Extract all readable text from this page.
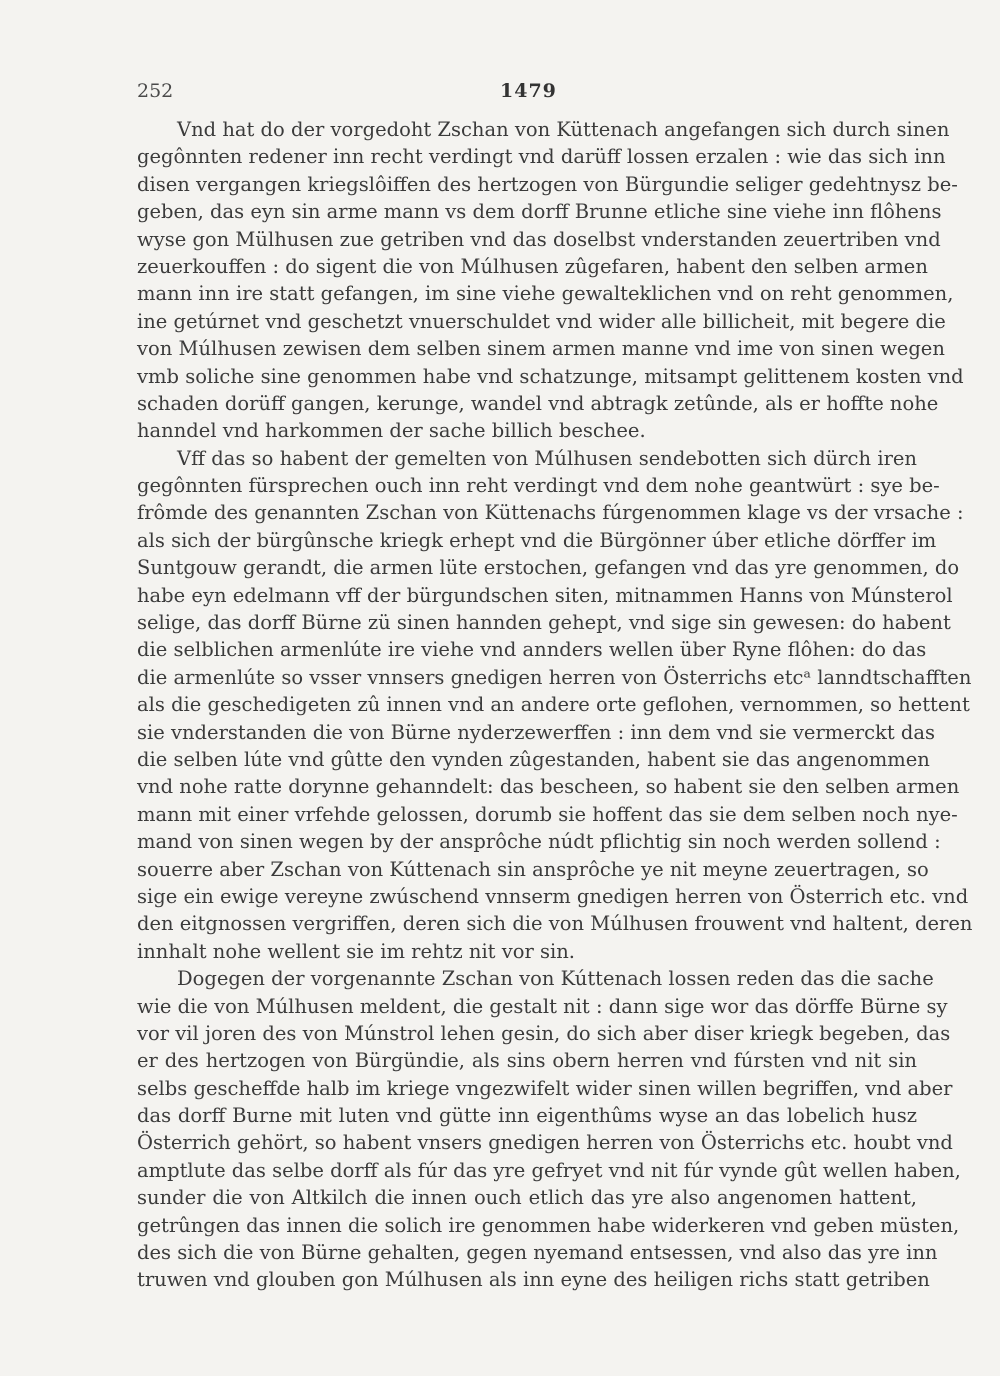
252	1479
Vnd hat do der vorgedoht Zschan von Küttenach angefangen sich durch sinen
gegônnten redener inn recht verdingt vnd darüff lossen erzalen : wie das sich inn
disen vergangen kriegslôiffen des hertzogen von Bürgundie seliger gedehtnysz be-
geben, das eyn sin arme mann vs dem dorff Brunne etliche sine viehe inn flôhens
wyse gon Mülhusen zue getriben vnd das doselbst vnderstanden zeuertriben vnd
zeuerkouffen : do sigent die von Múlhusen zûgefaren, habent den selben armen
mann inn ire statt gefangen, im sine viehe gewalteklichen vnd on reht genommen,
ine getúrnet vnd geschetzt vnuerschuldet vnd wider alle billicheit, mit begere die
von Múlhusen zewisen dem selben sinem armen manne vnd ime von sinen wegen
vmb soliche sine genommen habe vnd schatzunge, mitsampt gelittenem kosten vnd
schaden dorüff gangen, kerunge, wandel vnd abtragk zetûnde, als er hoffte nohe
hanndel vnd harkommen der sache billich beschee.
Vff das so habent der gemelten von Múlhusen sendebotten sich dürch iren
gegônnten fürsprechen ouch inn reht verdingt vnd dem nohe geantwürt : sye be-
frômde des genannten Zschan von Küttenachs fúrgenommen klage vs der vrsache :
als sich der bürgûnsche kriegk erhept vnd die Bürgönner úber etliche dörffer im
Suntgouw gerandt, die armen lüte erstochen, gefangen vnd das yre genommen, do
habe eyn edelmann vff der bürgundschen siten, mitnammen Hanns von Múnsterol
selige, das dorff Bürne zü sinen hannden gehept, vnd sige sin gewesen: do habent
die selblichen armenlúte ire viehe vnd annders wellen über Ryne flôhen: do das
die armenlúte so vsser vnnsers gnedigen herren von Österrichs etcᵃ lanndtschafften
als die geschedigeten zû innen vnd an andere orte geflohen, vernommen, so hettent
sie vnderstanden die von Bürne nyderzewerffen : inn dem vnd sie vermerckt das
die selben lúte vnd gûtte den vynden zûgestanden, habent sie das angenommen
vnd nohe ratte dorynne gehanndelt: das bescheen, so habent sie den selben armen
mann mit einer vrfehde gelossen, dorumb sie hoffent das sie dem selben noch nye-
mand von sinen wegen by der ansprôche núdt pflichtig sin noch werden sollend :
souerre aber Zschan von Kúttenach sin ansprôche ye nit meyne zeuertragen, so
sige ein ewige vereyne zwúschend vnnserm gnedigen herren von Österrich etc. vnd
den eitgnossen vergriffen, deren sich die von Múlhusen frouwent vnd haltent, deren
innhalt nohe wellent sie im rehtz nit vor sin.
Dogegen der vorgenannte Zschan von Kúttenach lossen reden das die sache
wie die von Múlhusen meldent, die gestalt nit : dann sige wor das dörffe Bürne sy
vor vil joren des von Múnstrol lehen gesin, do sich aber diser kriegk begeben, das
er des hertzogen von Bürgündie, als sins obern herren vnd fúrsten vnd nit sin
selbs gescheffde halb im kriege vngezwifelt wider sinen willen begriffen, vnd aber
das dorff Burne mit luten vnd gütte inn eigenthûms wyse an das lobelich husz
Österrich gehört, so habent vnsers gnedigen herren von Österrichs etc. houbt vnd
amptlute das selbe dorff als fúr das yre gefryet vnd nit fúr vynde gût wellen haben,
sunder die von Altkilch die innen ouch etlich das yre also angenomen hattent,
getrûngen das innen die solich ire genommen habe widerkeren vnd geben müsten,
des sich die von Bürne gehalten, gegen nyemand entsessen, vnd also das yre inn
truwen vnd glouben gon Múlhusen als inn eyne des heiligen richs statt getriben
